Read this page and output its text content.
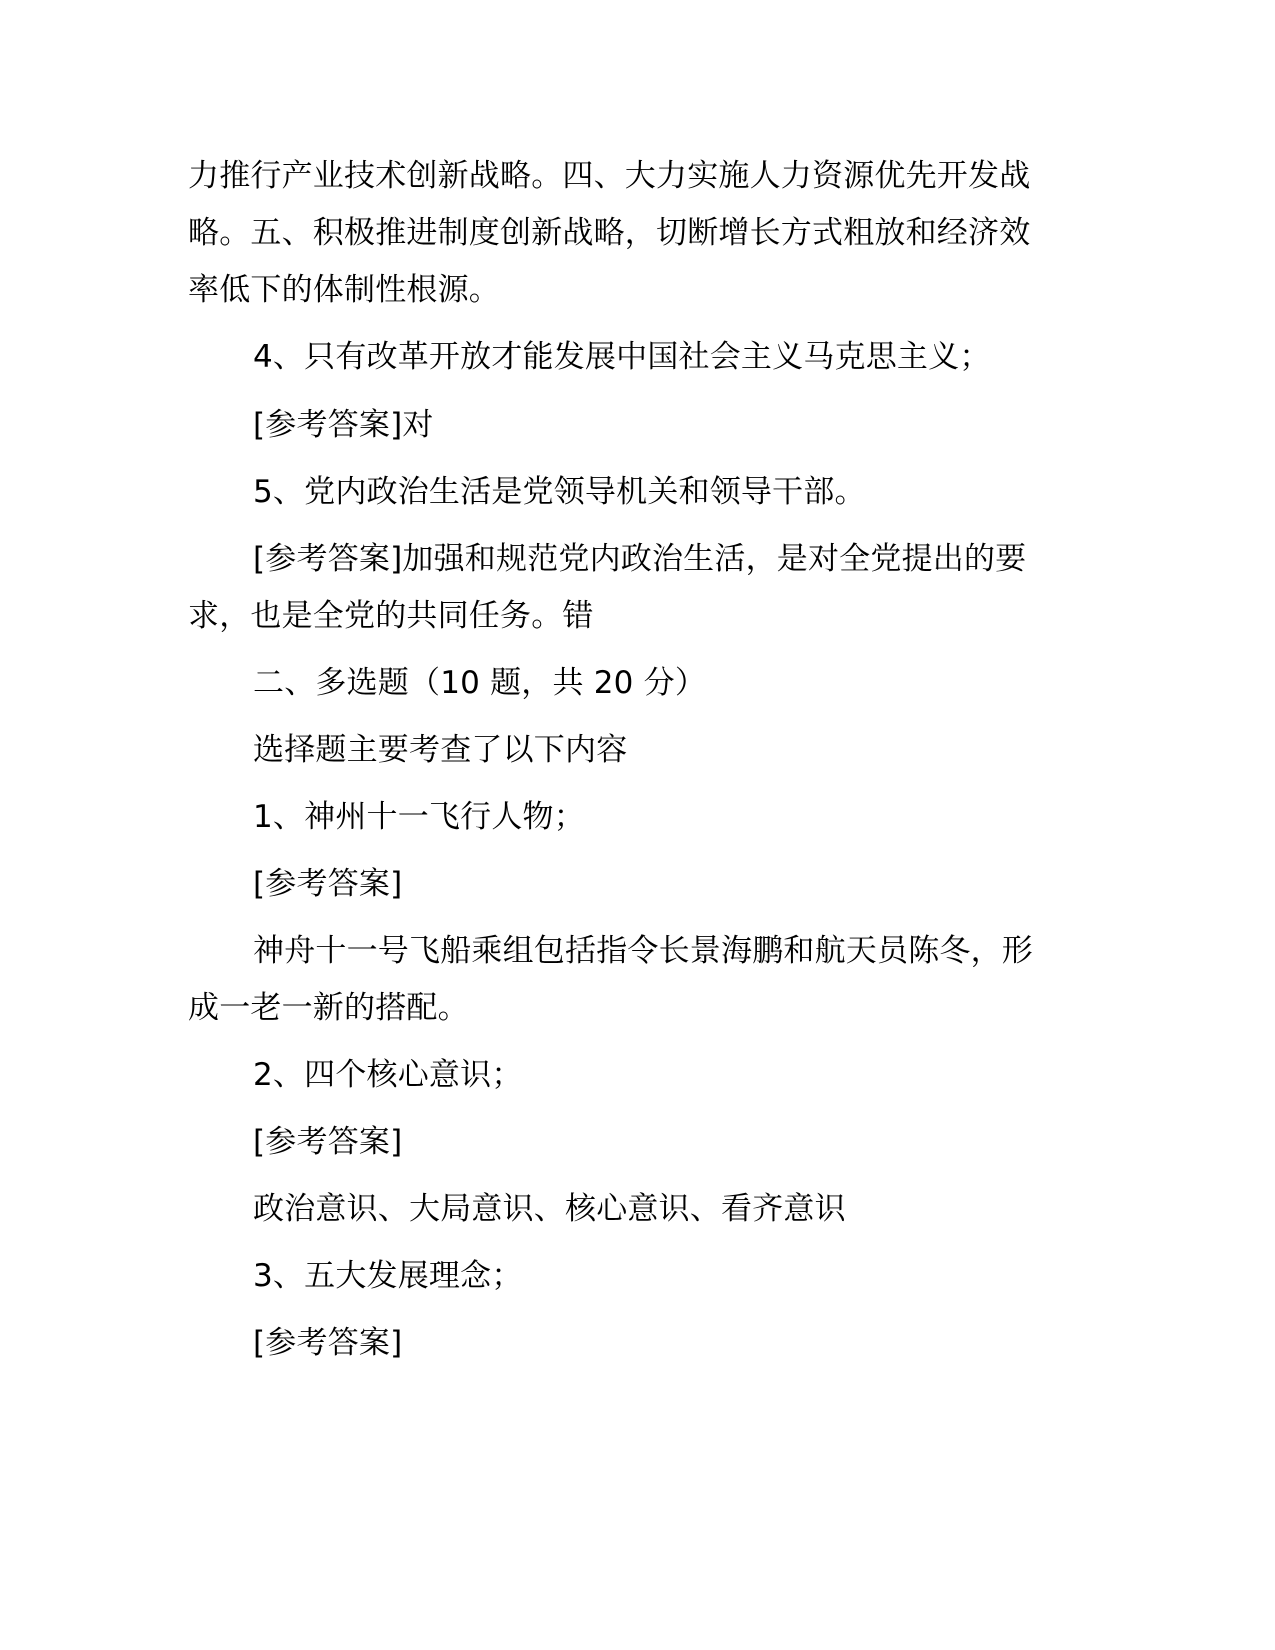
力推行产业技术创新战略。四、大力实施人力资源优先开发战
略。五、积极推进制度创新战略，切断增长方式粗放和经济效
率低下的体制性根源。
4、只有改革开放才能发展中国社会主义马克思主义；
[参考答案]对
5、党内政治生活是党领导机关和领导干部。
[参考答案]加强和规范党内政治生活，是对全党提出的要
求，也是全党的共同任务。错
二、多选题（10 题，共 20 分）
选择题主要考查了以下内容
1、神州十一飞行人物；
[参考答案]
神舟十一号飞船乘组包括指令长景海鹏和航天员陈冬，形
成一老一新的搭配。
2、四个核心意识；
[参考答案]
政治意识、大局意识、核心意识、看齐意识
3、五大发展理念；
[参考答案]
